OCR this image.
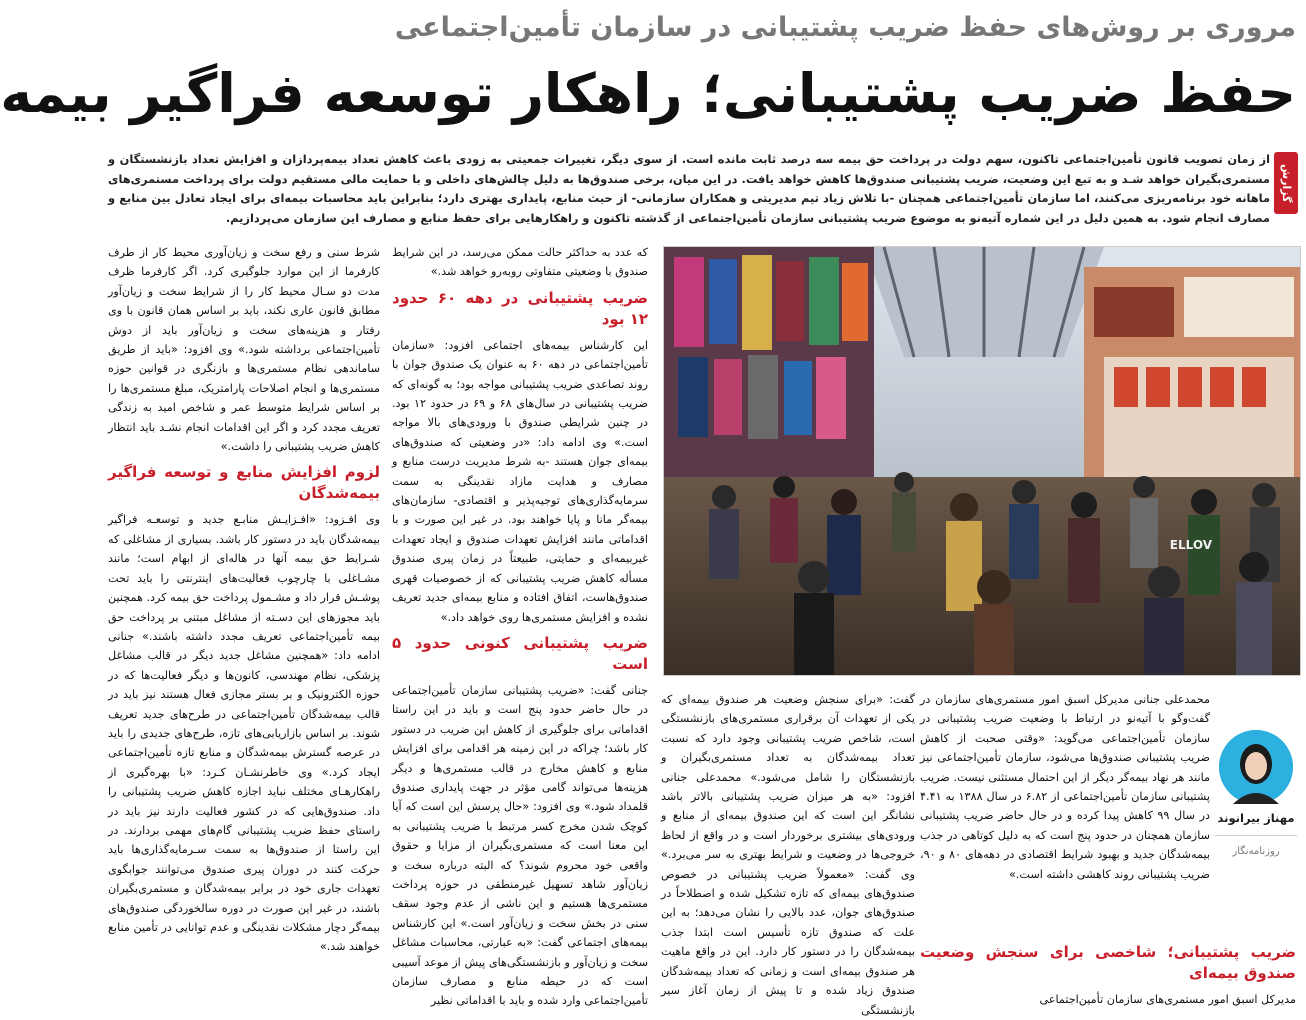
مروری بر روش‌های حفظ ضریب پشتیبانی در سازمان تأمین‌اجتماعی
حفظ ضریب پشتیبانی؛ راهکار توسعه فراگیر بیمه
گزارش

از زمان تصویب قانون تأمین‌اجتماعی تاکنون، سهم دولت در پرداخت حق بیمه سه درصد ثابت مانده است. از سوی دیگر، تغییرات جمعیتی به زودی باعث کاهش تعداد بیمه‌پردازان و افزایش تعداد بازنشستگان و مستمری‌بگیران خواهد شـد و به تبع این وضعیت، ضریب پشتیبانی صندوق‌ها کاهش خواهد یافت. در این میان، برخی صندوق‌ها به دلیل چالش‌های داخلی و با حمایت مالی مستقیم دولت برای پرداخت مستمری‌های ماهانه خود برنامه‌ریزی می‌کنند، اما سازمان تأمین‌اجتماعی همچنان -با تلاش زیاد تیم مدیریتی و همکاران سازمانی- از حیث منابع، پایداری بهتری دارد؛ بنابراین باید محاسبات بیمه‌ای برای ایجاد تعادل بین منابع و مصارف انجام شود. به همین دلیل در این شماره آتیه‌نو به موضوع ضریب پشتیبانی سازمان تأمین‌اجتماعی از گذشته تاکنون و راهکارهایی برای حفظ منابع و مصارف این سازمان می‌پردازیم.

مهناز بیرانوند
روزنامه‌نگار

محمدعلی جنانی مدیرکل اسبق امور مستمری‌های سازمان در گفت‌وگو با آتیه‌نو در ارتباط با وضعیت ضریب پشتیبانی در سازمان تأمین‌اجتماعی می‌گوید: «وقتی صحبت از کاهش ضریب پشتیبانی صندوق‌ها می‌شود، سازمان تأمین‌اجتماعی نیز مانند هر نهاد بیمه‌گر دیگر از این احتمال مستثنی نیست. ضریب پشتیبانی سازمان تأمین‌اجتماعی از ۶.۸۲ در سال ۱۳۸۸ به ۴.۴۱ در سال ۹۹ کاهش پیدا کرده و در حال حاضر ضریب پشتیبانی سازمان همچنان در حدود پنج است که به دلیل کوتاهی در جذب بیمه‌شدگان جدید و بهبود شرایط اقتصادی در دهه‌های ۸۰ و ۹۰، ضریب پشتیبانی روند کاهشی داشته است.»

ضریب پشتیبانی؛ شاخصی برای سنجش وضعیت صندوق بیمه‌ای

مدیرکل اسبق امور مستمری‌های سازمان تأمین‌اجتماعی

گفت: «برای سنجش وضعیت هر صندوق بیمه‌ای که یکی از تعهدات آن برقراری مستمری‌های بازنشستگی است، شاخص ضریب پشتیبانی وجود دارد که نسبت تعداد بیمه‌شدگان به تعداد مستمری‌بگیران و بازنشستگان را شامل می‌شود.» محمدعلی جنانی افزود: «به هر میزان ضریب پشتیبانی بالاتر باشد نشانگر این است که این صندوق بیمه‌ای از منابع و ورودی‌های بیشتری برخوردار است و در واقع از لحاظ خروجی‌ها در وضعیت و شرایط بهتری به سر می‌برد.» وی گفت: «معمولاً ضریب پشتیبانی در خصوص صندوق‌های بیمه‌ای که تازه تشکیل شده و اصطلاحاً در صندوق‌های جوان، عدد بالایی را نشان می‌دهد؛ به این علت که صندوق تازه تأسیس است ابتدا جذب بیمه‌شدگان را در دستور کار دارد. این در واقع ماهیت هر صندوق بیمه‌ای است و زمانی که تعداد بیمه‌شدگان صندوق زیاد شده و تا پیش از زمان آغاز سیر بازنشستگی

ELLOV

که عدد به حداکثر حالت ممکن می‌رسد، در این شرایط صندوق با وضعیتی متفاوتی روبه‌رو خواهد شد.»

ضریب پشتیبانی در دهه ۶۰ حدود ۱۲ بود

این کارشناس بیمه‌های اجتماعی افزود: «سازمان تأمین‌اجتماعی در دهه ۶۰ به عنوان یک صندوق جوان با روند تصاعدی ضریب پشتیبانی مواجه بود؛ به گونه‌ای که ضریب پشتیبانی در سال‌های ۶۸ و ۶۹ در حدود ۱۲ بود. در چنین شرایطی صندوق با ورودی‌های بالا مواجه است.» وی ادامه داد: «در وضعیتی که صندوق‌های بیمه‌ای جوان هستند -به شرط مدیریت درست منابع و مصارف و هدایت مازاد نقدینگی به سمت سرمایه‌گذاری‌های توجیه‌پذیر و اقتصادی- سازمان‌های بیمه‌گر مانا و پایا خواهند بود. در غیر این صورت و با اقداماتی مانند افزایش تعهدات صندوق و ایجاد تعهدات غیربیمه‌ای و حمایتی، طبیعتاً در زمان پیری صندوق مسأله کاهش ضریب پشتیبانی که از خصوصیات قهری صندوق‌هاست، اتفاق افتاده و منابع بیمه‌ای جدید تعریف نشده و افزایش مستمری‌ها روی خواهد داد.»

ضریب پشتیبانی کنونی حدود ۵ است

جنانی گفت: «ضریب پشتیبانی سازمان تأمین‌اجتماعی در حال حاضر حدود پنج است و باید در این راستا اقداماتی برای جلوگیری از کاهش این ضریب در دستور کار باشد؛ چراکه در این زمینه هر اقدامی برای افزایش منابع و کاهش مخارج در قالب مستمری‌ها و دیگر هزینه‌ها می‌تواند گامی مؤثر در جهت پایداری صندوق قلمداد شود.» وی افزود: «حال پرسش این است که آیا کوچک شدن مخرج کسر مرتبط با ضریب پشتیبانی به این معنا است که مستمری‌بگیران از مزایا و حقوق واقعی خود محروم شوند؟ که البته درباره سخت و زیان‌آور شاهد تسهیل غیرمنطقی در حوزه پرداخت مستمری‌ها هستیم و این ناشی از عدم وجود سقف سنی در بخش سخت و زیان‌آور است.» این کارشناس بیمه‌های اجتماعی گفت: «به عبارتی، محاسبات مشاغل سخت و زیان‌آور و بازنشستگی‌های پیش از موعد آسیبی است که در حیطه منابع و مصارف سازمان تأمین‌اجتماعی وارد شده و باید با اقداماتی نظیر

شرط سنی و رفع سخت و زیان‌آوری محیط کار از طرف کارفرما از این موارد جلوگیری کرد. اگر کارفرما ظرف مدت دو سـال محیط کار را از شرایط سخت و زیان‌آور مطابق قانون عاری نکند، باید بر اساس همان قانون با وی رفتار و هزینه‌های سخت و زیان‌آور باید از دوش تأمین‌اجتماعی برداشته شود.» وی افزود: «باید از طریق ساماندهی نظام مستمری‌ها و بازنگری در قوانین حوزه مستمری‌ها و انجام اصلاحات پارامتریک، مبلغ مستمری‌ها را بر اساس شرایط متوسط عمر و شاخص امید به زندگی تعریف مجدد کرد و اگر این اقدامات انجام نشـد باید انتظار کاهش ضریب پشتیبانی را داشت.»

لزوم افزایش منابع و توسعه فراگیر بیمه‌شدگان

وی افـزود: «افـزایـش منابـع جدید و توسعـه فراگیر بیمه‌شدگان باید در دستور کار باشد. بسیاری از مشاغلی که شـرایط حق بیمه آنها در هاله‌ای از ابهام است؛ مانند مشـاغلی با چارچوب فعالیت‌های اینترنتی را باید تحت پوشـش قرار داد و مشـمول پرداخت حق بیمه کرد. همچنین باید مجوزهای این دسـته از مشاغل مبتنی بر پرداخت حق بیمه تأمین‌اجتماعی تعریف مجدد داشته باشند.» جنانی ادامه داد: «همچنین مشاغل جدید دیگر در قالب مشاغل پزشکی، نظام مهندسی، کانون‌ها و دیگر فعالیت‌ها که در حوزه الکترونیک و بر بستر مجازی فعال هستند نیز باید در قالب بیمه‌شدگان تأمین‌اجتماعی در طرح‌های جدید تعریف شوند. بر اساس بازاریابی‌های تازه، طرح‌های جدیدی را باید در عرصه گسترش بیمه‌شدگان و منابع تازه تأمین‌اجتماعی ایجاد کرد.» وی خاطرنشـان کـرد: «با بهره‌گیری از راهکارهـای مختلف نباید اجازه کاهش ضریب پشتیبانی را داد. صندوق‌هایی که در کشور فعالیت دارند نیز باید در راستای حفظ ضریب پشتیبانی گام‌های مهمی بردارند. در این راستا از صندوق‌ها به سمت سـرمایه‌گذاری‌ها باید حرکت کنند در دوران پیری صندوق می‌توانند جوابگوی تعهدات جاری خود در برابر بیمه‌شدگان و مستمری‌بگیران باشند، در غیر این صورت در دوره سالخوردگی صندوق‌های بیمه‌گر دچار مشکلات نقدینگی و عدم توانایی در تأمین منابع خواهند شد.»
